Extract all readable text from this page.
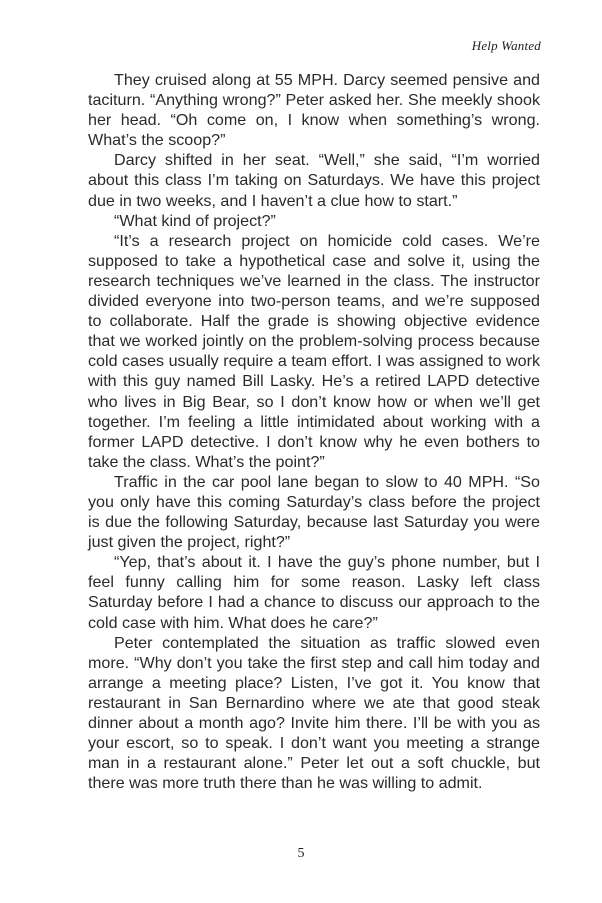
Help Wanted

They cruised along at 55 MPH. Darcy seemed pensive and taciturn. “Anything wrong?” Peter asked her. She meekly shook her head. “Oh come on, I know when something’s wrong. What’s the scoop?”

Darcy shifted in her seat. “Well,” she said, “I’m worried about this class I’m taking on Saturdays. We have this project due in two weeks, and I haven’t a clue how to start.”

“What kind of project?”

“It’s a research project on homicide cold cases. We’re supposed to take a hypothetical case and solve it, using the research techniques we’ve learned in the class. The instructor divided everyone into two-person teams, and we’re supposed to collaborate. Half the grade is showing objective evidence that we worked jointly on the problem-solving process because cold cases usually require a team effort. I was assigned to work with this guy named Bill Lasky. He’s a retired LAPD detective who lives in Big Bear, so I don’t know how or when we’ll get together. I’m feeling a little intimidated about working with a former LAPD detective. I don’t know why he even bothers to take the class. What’s the point?”

Traffic in the car pool lane began to slow to 40 MPH. “So you only have this coming Saturday’s class before the project is due the following Saturday, because last Saturday you were just given the project, right?”

“Yep, that’s about it. I have the guy’s phone number, but I feel funny calling him for some reason. Lasky left class Saturday before I had a chance to discuss our approach to the cold case with him. What does he care?”

Peter contemplated the situation as traffic slowed even more. “Why don’t you take the first step and call him today and arrange a meeting place? Listen, I’ve got it. You know that restaurant in San Bernardino where we ate that good steak dinner about a month ago? Invite him there. I’ll be with you as your escort, so to speak. I don’t want you meeting a strange man in a restaurant alone.” Peter let out a soft chuckle, but there was more truth there than he was willing to admit.

5
